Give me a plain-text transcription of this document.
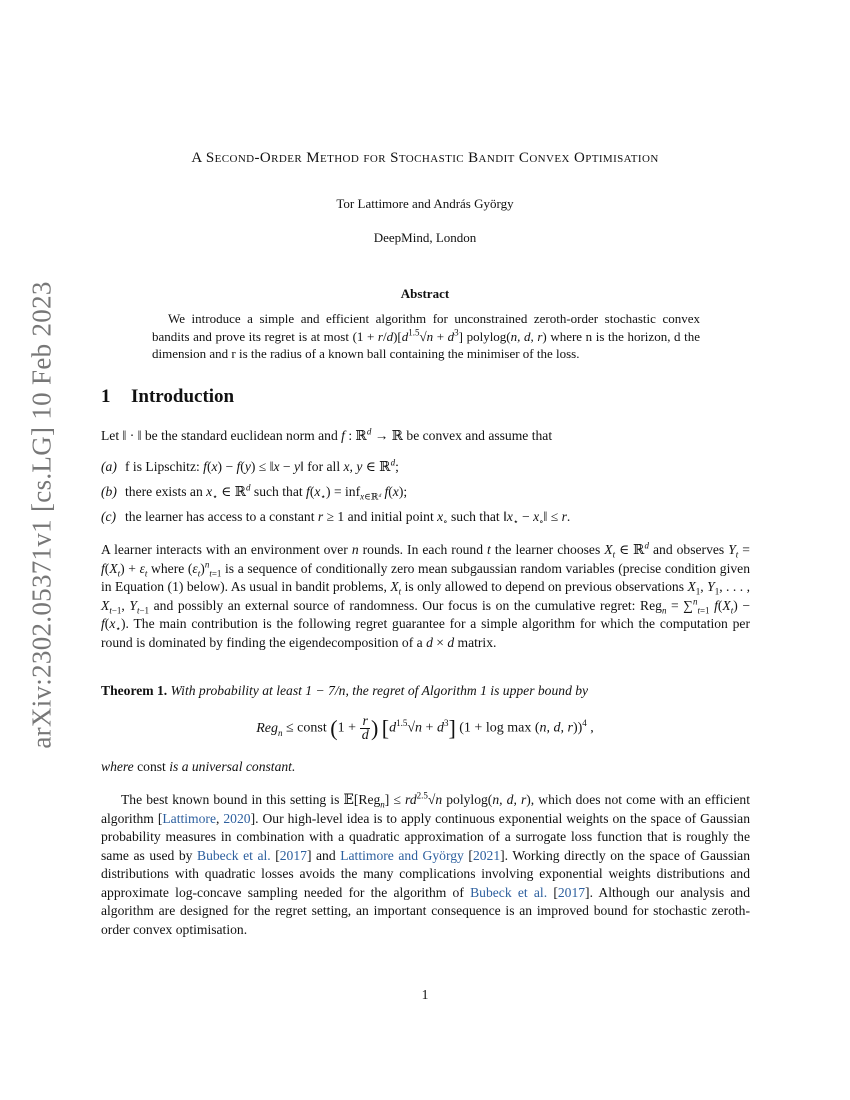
arXiv:2302.05371v1 [cs.LG] 10 Feb 2023
A Second-Order Method for Stochastic Bandit Convex Optimisation
Tor Lattimore and András György
DeepMind, London
Abstract
We introduce a simple and efficient algorithm for unconstrained zeroth-order stochastic convex bandits and prove its regret is at most $(1 + r/d)[d^{1.5}√n + d^3]$ polylog(n, d, r) where n is the horizon, d the dimension and r is the radius of a known ball containing the minimiser of the loss.
1 Introduction
Let ‖ · ‖ be the standard euclidean norm and f : ℝ$^d$ → ℝ be convex and assume that
(a) f is Lipschitz: f(x) − f(y) ≤ ‖x − y‖ for all x, y ∈ ℝ$^d$;
(b) there exists an $x_⋆$ ∈ ℝ$^d$ such that $f(x_⋆) = inf_{x\in ℝᵈ}$ f(x);
(c) the learner has access to a constant r ≥ 1 and initial point $x_\circ$ such that $‖x_⋆$ − $x_\circ‖ \le r$.
A learner interacts with an environment over n rounds. In each round t the learner chooses $X_t$ ∈ ℝ$^d$ and observes $Y_t = f(X_t) + \varepsilon_t$ where $(\varepsilon_t)^n_{t=1}$ is a sequence of conditionally zero mean subgaussian random variables (precise condition given in Equation (1) below). As usual in bandit problems, $X_t$ is only allowed to depend on previous observations $X_1$, $Y_1$, . . . , $X_{t-1}$, $Y_{t-1}$ and possibly an external source of randomness. Our focus is on the cumulative regret: Reg$_n$ = ∑$^n_{t=1}$ $f(X_t) - f(x_⋆)$. The main contribution is the following regret guarantee for a simple algorithm for which the computation per round is dominated by finding the eigendecomposition of a d × d matrix.
Theorem 1. With probability at least 1 − 7/n, the regret of Algorithm 1 is upper bound by
Reg$_n$ ≤ const ($1 + \frac{r}{d}$ ) $[d^{1.5}√n + d^3] (1 + \log \max (n$, d, r))$^4$ ,
where const is a universal constant.
The best known bound in this setting is 𝔼[Reg$_n$] ≤ $rd^{2.5}√n$ polylog(n, d, r), which does not come with an efficient algorithm [Lattimore, 2020]. Our high-level idea is to apply continuous exponential weights on the space of Gaussian probability measures in combination with a quadratic approximation of a surrogate loss function that is roughly the same as used by Bubeck et al. [2017] and Lattimore and György [2021]. Working directly on the space of Gaussian distributions with quadratic losses avoids the many complications involving exponential weights distributions and approximate log-concave sampling needed for the algorithm of Bubeck et al. [2017]. Although our analysis and algorithm are designed for the regret setting, an important consequence is an improved bound for stochastic zeroth-order convex optimisation.
1
